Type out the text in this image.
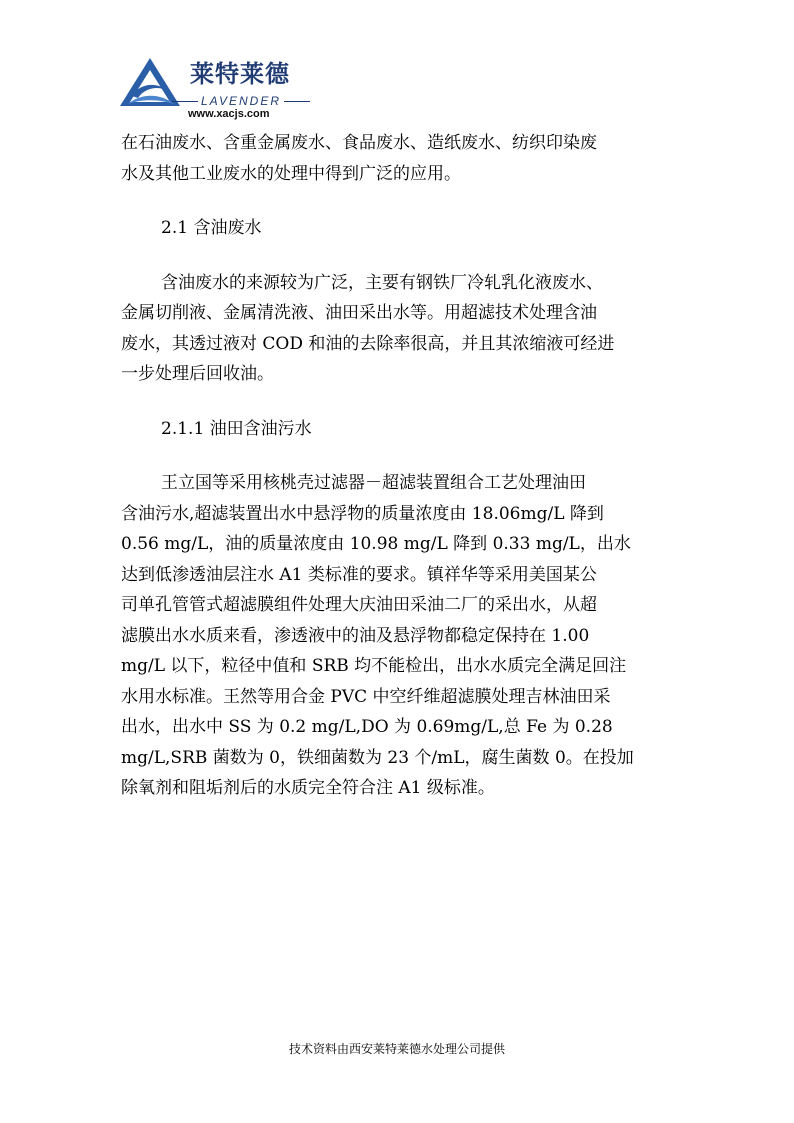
莱特莱德
LAVENDER
www.xacjs.com

在石油废水、含重金属废水、食品废水、造纸废水、纺织印染废

水及其他工业废水的处理中得到广泛的应用。

2.1 含油废水

含油废水的来源较为广泛，主要有钢铁厂冷轧乳化液废水、

金属切削液、金属清洗液、油田采出水等。用超滤技术处理含油

废水，其透过液对 COD 和油的去除率很高，并且其浓缩液可经进

一步处理后回收油。

2.1.1 油田含油污水

王立国等采用核桃壳过滤器－超滤装置组合工艺处理油田

含油污水,超滤装置出水中悬浮物的质量浓度由 18.06mg/L 降到

0.56 mg/L，油的质量浓度由 10.98 mg/L 降到 0.33 mg/L，出水

达到低渗透油层注水 A1 类标准的要求。镇祥华等采用美国某公

司单孔管管式超滤膜组件处理大庆油田采油二厂的采出水，从超

滤膜出水水质来看，渗透液中的油及悬浮物都稳定保持在 1.00

mg/L 以下，粒径中值和 SRB 均不能检出，出水水质完全满足回注

水用水标准。王然等用合金 PVC 中空纤维超滤膜处理吉林油田采

出水，出水中 SS 为 0.2 mg/L,DO 为 0.69mg/L,总 Fe 为 0.28

mg/L,SRB 菌数为 0，铁细菌数为 23 个/mL，腐生菌数 0。在投加

除氧剂和阻垢剂后的水质完全符合注 A1 级标准。

技术资料由西安莱特莱德水处理公司提供
